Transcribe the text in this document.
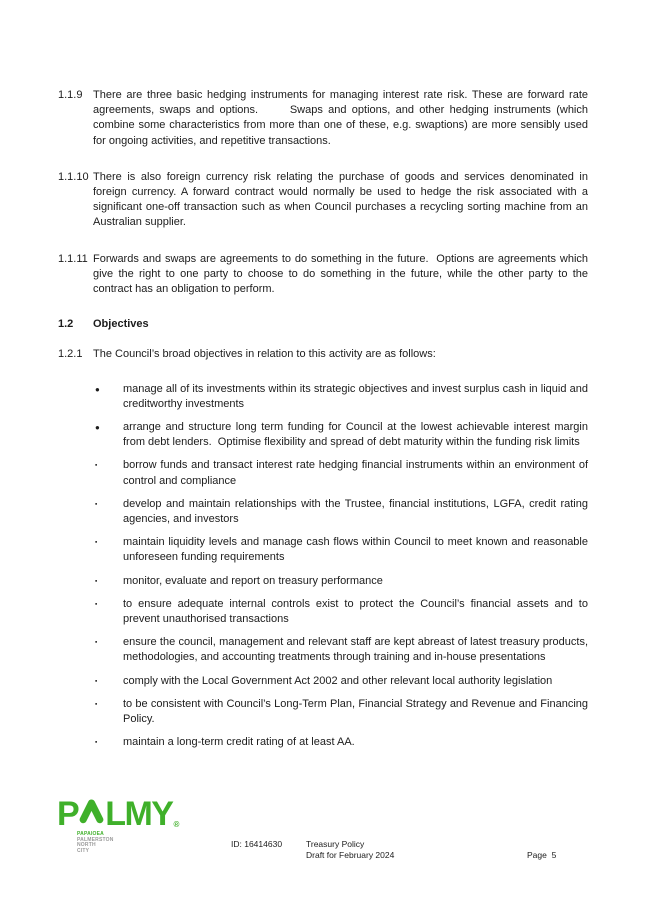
1.1.9 There are three basic hedging instruments for managing interest rate risk. These are forward rate agreements, swaps and options.      Swaps and options, and other hedging instruments (which combine some characteristics from more than one of these, e.g. swaptions) are more sensibly used for ongoing activities, and repetitive transactions.
1.1.10 There is also foreign currency risk relating the purchase of goods and services denominated in foreign currency. A forward contract would normally be used to hedge the risk associated with a significant one-off transaction such as when Council purchases a recycling sorting machine from an Australian supplier.
1.1.11 Forwards and swaps are agreements to do something in the future.  Options are agreements which give the right to one party to choose to do something in the future, while the other party to the contract has an obligation to perform.
1.2	Objectives
1.2.1 The Council’s broad objectives in relation to this activity are as follows:
●	manage all of its investments within its strategic objectives and invest surplus cash in liquid and creditworthy investments
●	arrange and structure long term funding for Council at the lowest achievable interest margin from debt lenders.  Optimise flexibility and spread of debt maturity within the funding risk limits
▪	borrow funds and transact interest rate hedging financial instruments within an environment of control and compliance
▪	develop and maintain relationships with the Trustee, financial institutions, LGFA, credit rating agencies, and investors
▪	maintain liquidity levels and manage cash flows within Council to meet known and reasonable unforeseen funding requirements
▪	monitor, evaluate and report on treasury performance
▪	to ensure adequate internal controls exist to protect the Council’s financial assets and to prevent unauthorised transactions
▪	ensure the council, management and relevant staff are kept abreast of latest treasury products, methodologies, and accounting treatments through training and in-house presentations
▪	comply with the Local Government Act 2002 and other relevant local authority legislation
▪	to be consistent with Council’s Long-Term Plan, Financial Strategy and Revenue and Financing Policy.
▪	maintain a long-term credit rating of at least AA.
P LMY ®
PAPAIOEA
PALMERSTON
NORTH
CITY
ID: 16414630	Treasury Policy
Draft for February 2024	Page  5
